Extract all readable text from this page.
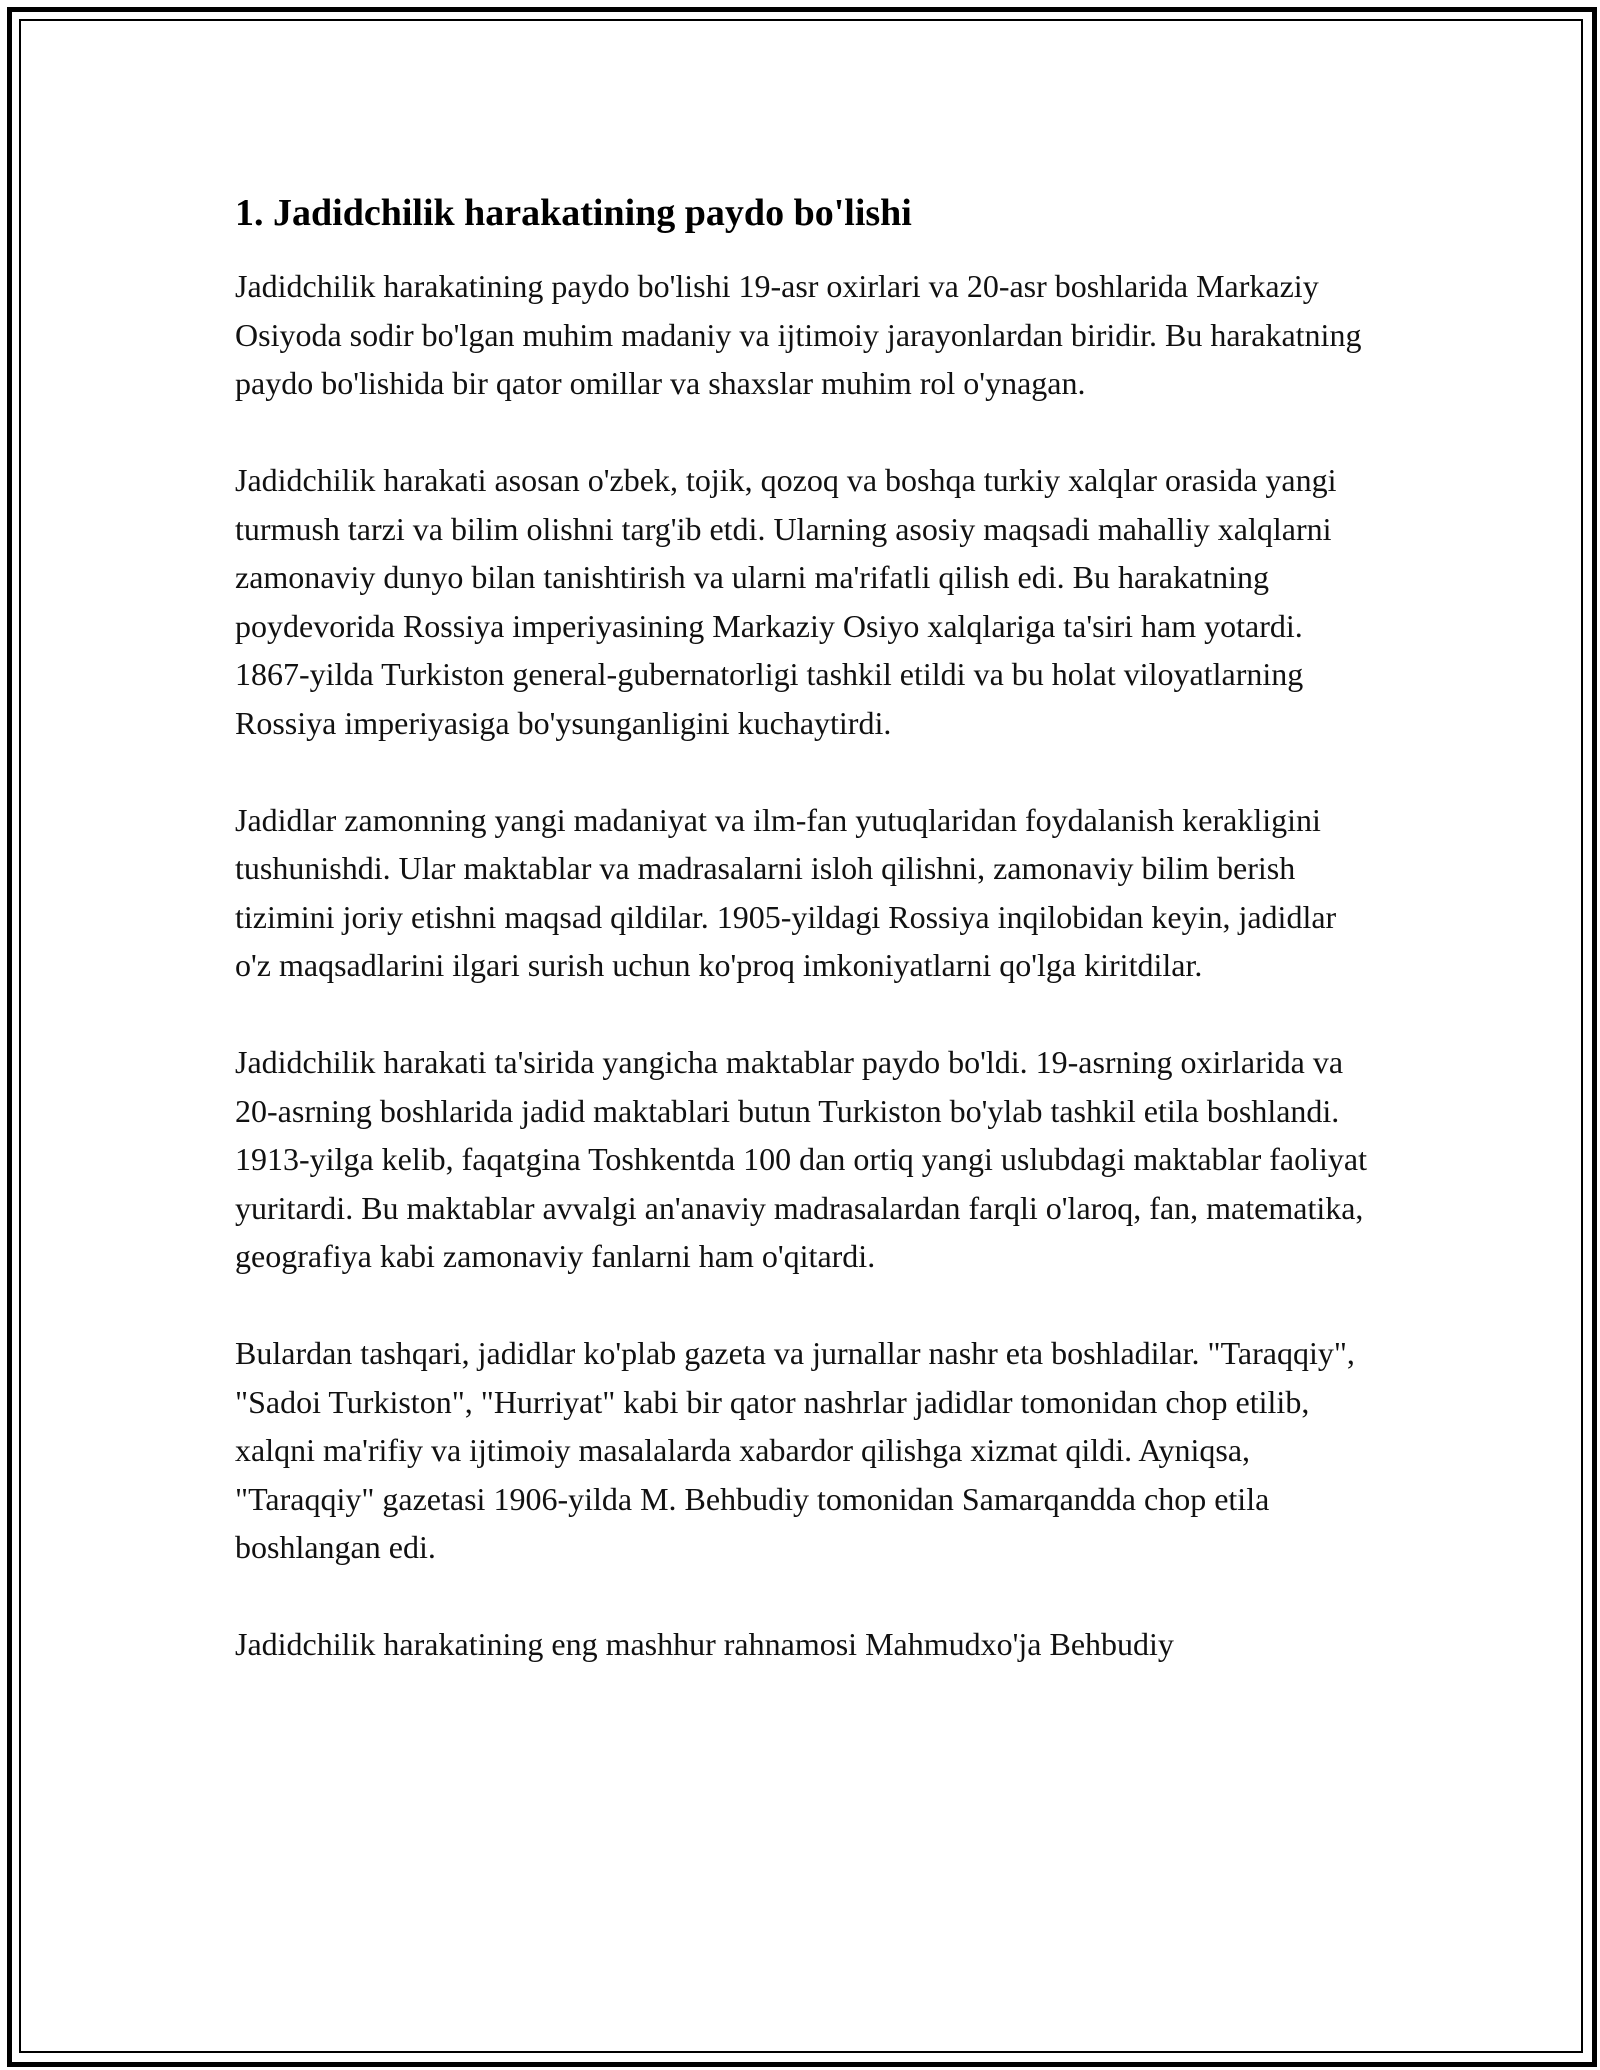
1. Jadidchilik harakatining paydo bo'lishi

Jadidchilik harakatining paydo bo'lishi 19-asr oxirlari va 20-asr boshlarida Markaziy Osiyoda sodir bo'lgan muhim madaniy va ijtimoiy jarayonlardan biridir. Bu harakatning paydo bo'lishida bir qator omillar va shaxslar muhim rol o'ynagan.

Jadidchilik harakati asosan o'zbek, tojik, qozoq va boshqa turkiy xalqlar orasida yangi turmush tarzi va bilim olishni targ'ib etdi. Ularning asosiy maqsadi mahalliy xalqlarni zamonaviy dunyo bilan tanishtirish va ularni ma'rifatli qilish edi. Bu harakatning poydevorida Rossiya imperiyasining Markaziy Osiyo xalqlariga ta'siri ham yotardi. 1867-yilda Turkiston general-gubernatorligi tashkil etildi va bu holat viloyatlarning Rossiya imperiyasiga bo'ysunganligini kuchaytirdi.

Jadidlar zamonning yangi madaniyat va ilm-fan yutuqlaridan foydalanish kerakligini tushunishdi. Ular maktablar va madrasalarni isloh qilishni, zamonaviy bilim berish tizimini joriy etishni maqsad qildilar. 1905-yildagi Rossiya inqilobidan keyin, jadidlar o'z maqsadlarini ilgari surish uchun ko'proq imkoniyatlarni qo'lga kiritdilar.

Jadidchilik harakati ta'sirida yangicha maktablar paydo bo'ldi. 19-asrning oxirlarida va 20-asrning boshlarida jadid maktablari butun Turkiston bo'ylab tashkil etila boshlandi. 1913-yilga kelib, faqatgina Toshkentda 100 dan ortiq yangi uslubdagi maktablar faoliyat yuritardi. Bu maktablar avvalgi an'anaviy madrasalardan farqli o'laroq, fan, matematika, geografiya kabi zamonaviy fanlarni ham o'qitardi.

Bulardan tashqari, jadidlar ko'plab gazeta va jurnallar nashr eta boshladilar. "Taraqqiy", "Sadoi Turkiston", "Hurriyat" kabi bir qator nashrlar jadidlar tomonidan chop etilib, xalqni ma'rifiy va ijtimoiy masalalarda xabardor qilishga xizmat qildi. Ayniqsa, "Taraqqiy" gazetasi 1906-yilda M. Behbudiy tomonidan Samarqandda chop etila boshlangan edi.

Jadidchilik harakatining eng mashhur rahnamosi Mahmudxo'ja Behbudiy
